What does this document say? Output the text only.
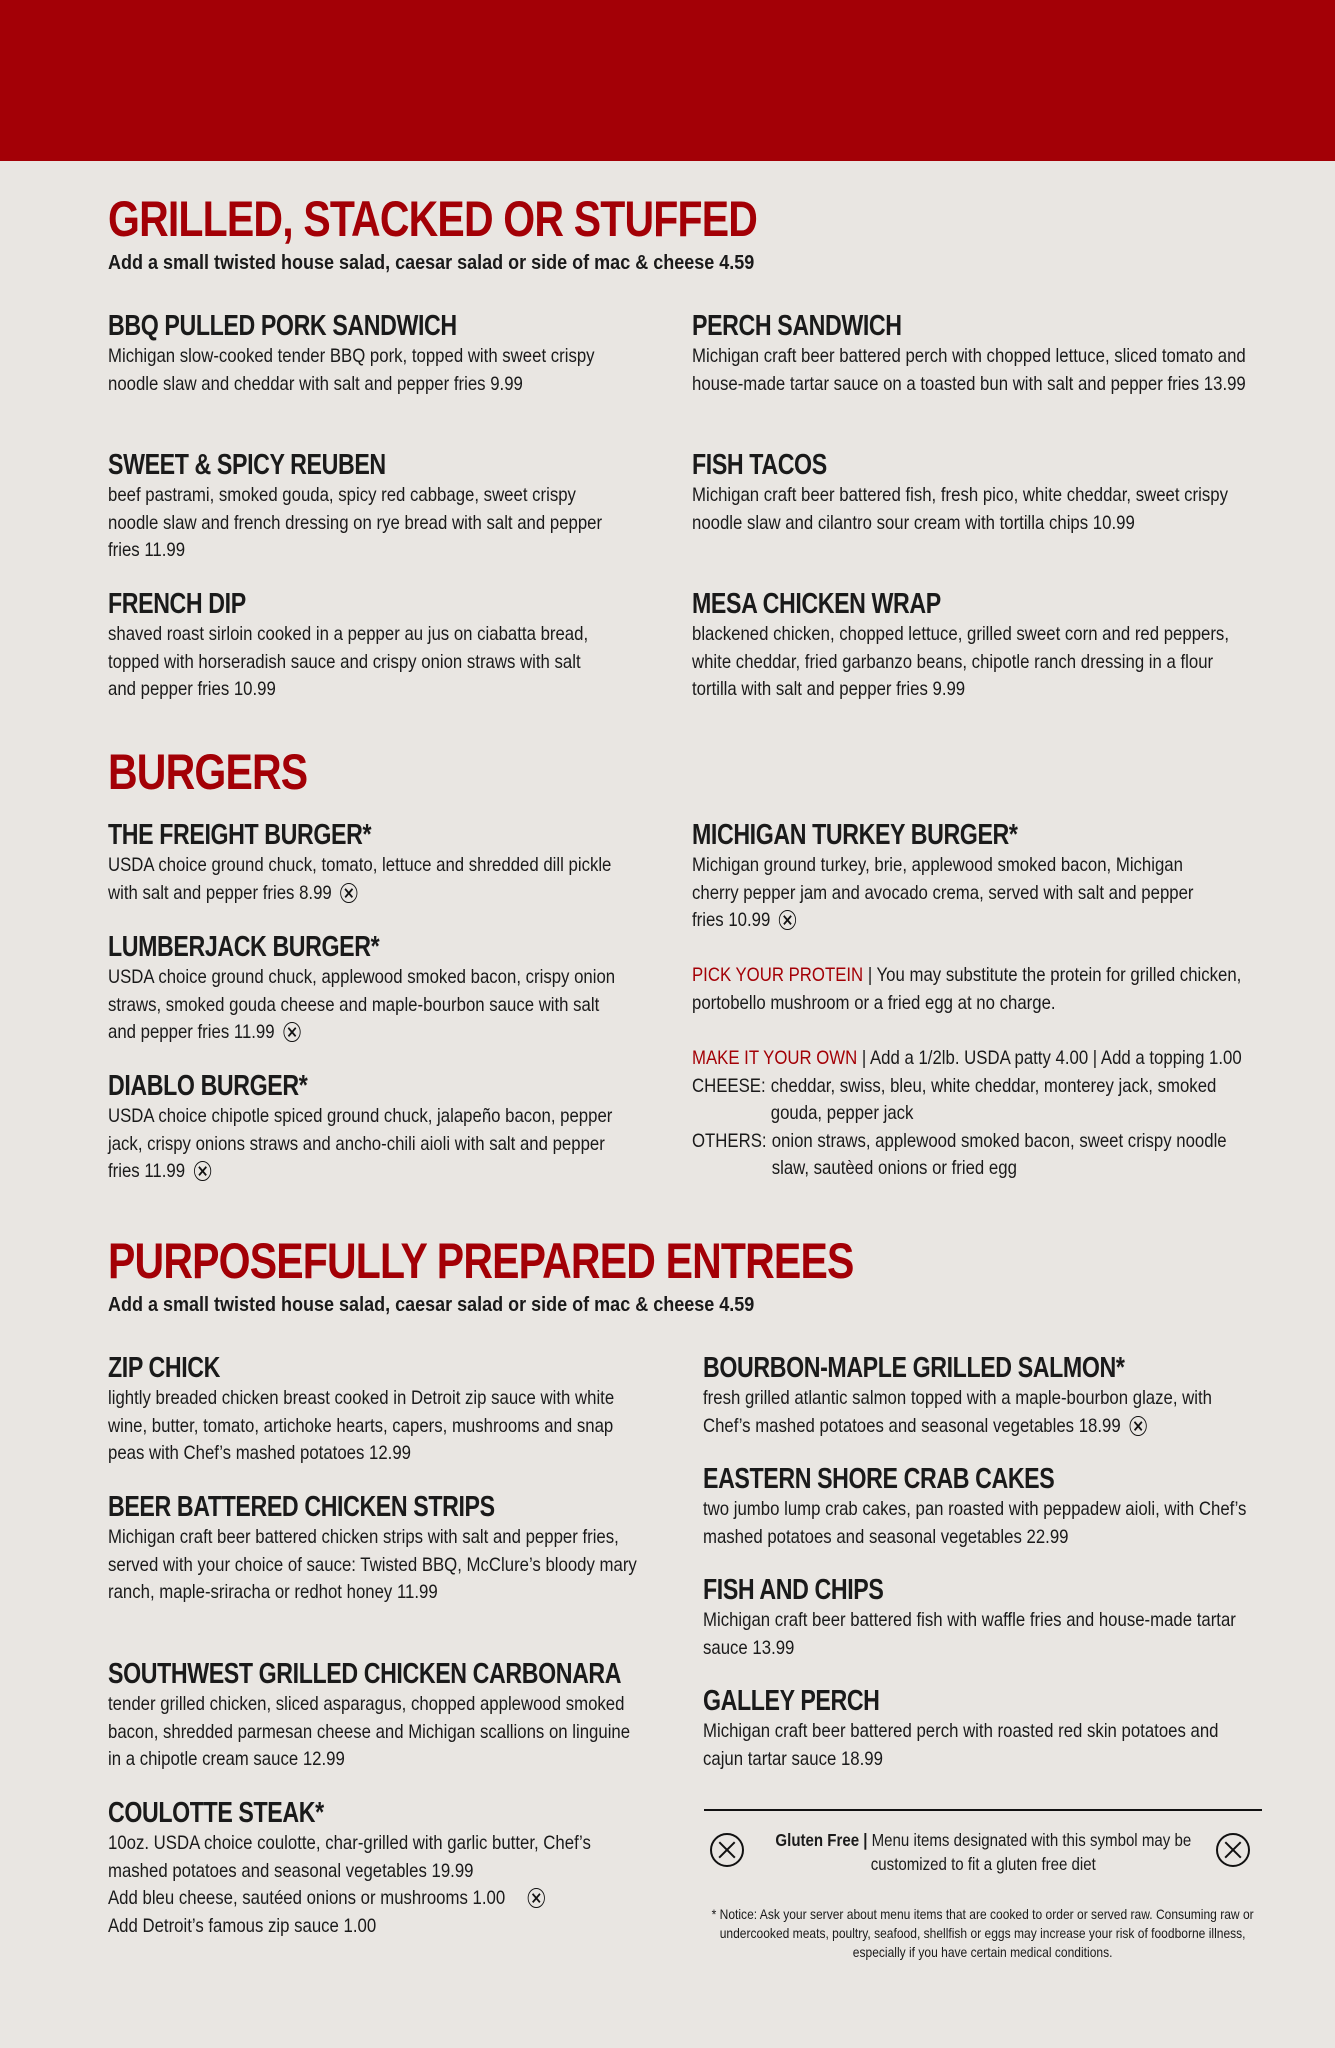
GRILLED, STACKED OR STUFFED
Add a small twisted house salad, caesar salad or side of mac & cheese 4.59
BBQ PULLED PORK SANDWICH
Michigan slow-cooked tender BBQ pork, topped with sweet crispy noodle slaw and cheddar with salt and pepper fries 9.99
SWEET & SPICY REUBEN
beef pastrami, smoked gouda, spicy red cabbage, sweet crispy noodle slaw and french dressing on rye bread with salt and pepper fries 11.99
FRENCH DIP
shaved roast sirloin cooked in a pepper au jus on ciabatta bread, topped with horseradish sauce and crispy onion straws with salt and pepper fries 10.99
PERCH SANDWICH
Michigan craft beer battered perch with chopped lettuce, sliced tomato and house-made tartar sauce on a toasted bun with salt and pepper fries 13.99
FISH TACOS
Michigan craft beer battered fish, fresh pico, white cheddar, sweet crispy noodle slaw and cilantro sour cream with tortilla chips 10.99
MESA CHICKEN WRAP
blackened chicken, chopped lettuce, grilled sweet corn and red peppers, white cheddar, fried garbanzo beans, chipotle ranch dressing in a flour tortilla with salt and pepper fries 9.99
BURGERS
THE FREIGHT BURGER*
USDA choice ground chuck, tomato, lettuce and shredded dill pickle with salt and pepper fries 8.99
LUMBERJACK BURGER*
USDA choice ground chuck, applewood smoked bacon, crispy onion straws, smoked gouda cheese and maple-bourbon sauce with salt and pepper fries 11.99
DIABLO BURGER*
USDA choice chipotle spiced ground chuck, jalapeño bacon, pepper jack, crispy onions straws and ancho-chili aioli with salt and pepper fries 11.99
MICHIGAN TURKEY BURGER*
Michigan ground turkey, brie, applewood smoked bacon, Michigan cherry pepper jam and avocado crema, served with salt and pepper fries 10.99
PICK YOUR PROTEIN | You may substitute the protein for grilled chicken, portobello mushroom or a fried egg at no charge.
MAKE IT YOUR OWN | Add a 1/2lb. USDA patty 4.00 | Add a topping 1.00
CHEESE: cheddar, swiss, bleu, white cheddar, monterey jack, smoked gouda, pepper jack
OTHERS: onion straws, applewood smoked bacon, sweet crispy noodle slaw, sautèed onions or fried egg
PURPOSEFULLY PREPARED ENTREES
Add a small twisted house salad, caesar salad or side of mac & cheese 4.59
ZIP CHICK
lightly breaded chicken breast cooked in Detroit zip sauce with white wine, butter, tomato, artichoke hearts, capers, mushrooms and snap peas with Chef’s mashed potatoes 12.99
BEER BATTERED CHICKEN STRIPS
Michigan craft beer battered chicken strips with salt and pepper fries, served with your choice of sauce: Twisted BBQ, McClure’s bloody mary ranch, maple-sriracha or redhot honey 11.99
SOUTHWEST GRILLED CHICKEN CARBONARA
tender grilled chicken, sliced asparagus, chopped applewood smoked bacon, shredded parmesan cheese and Michigan scallions on linguine in a chipotle cream sauce 12.99
COULOTTE STEAK*
10oz. USDA choice coulotte, char-grilled with garlic butter, Chef’s mashed potatoes and seasonal vegetables 19.99
Add bleu cheese, sautéed onions or mushrooms 1.00
Add Detroit’s famous zip sauce 1.00
BOURBON-MAPLE GRILLED SALMON*
fresh grilled atlantic salmon topped with a maple-bourbon glaze, with Chef’s mashed potatoes and seasonal vegetables 18.99
EASTERN SHORE CRAB CAKES
two jumbo lump crab cakes, pan roasted with peppadew aioli, with Chef’s mashed potatoes and seasonal vegetables 22.99
FISH AND CHIPS
Michigan craft beer battered fish with waffle fries and house-made tartar sauce 13.99
GALLEY PERCH
Michigan craft beer battered perch with roasted red skin potatoes and cajun tartar sauce 18.99
Gluten Free | Menu items designated with this symbol may be customized to fit a gluten free diet
* Notice: Ask your server about menu items that are cooked to order or served raw. Consuming raw or undercooked meats, poultry, seafood, shellfish or eggs may increase your risk of foodborne illness, especially if you have certain medical conditions.
